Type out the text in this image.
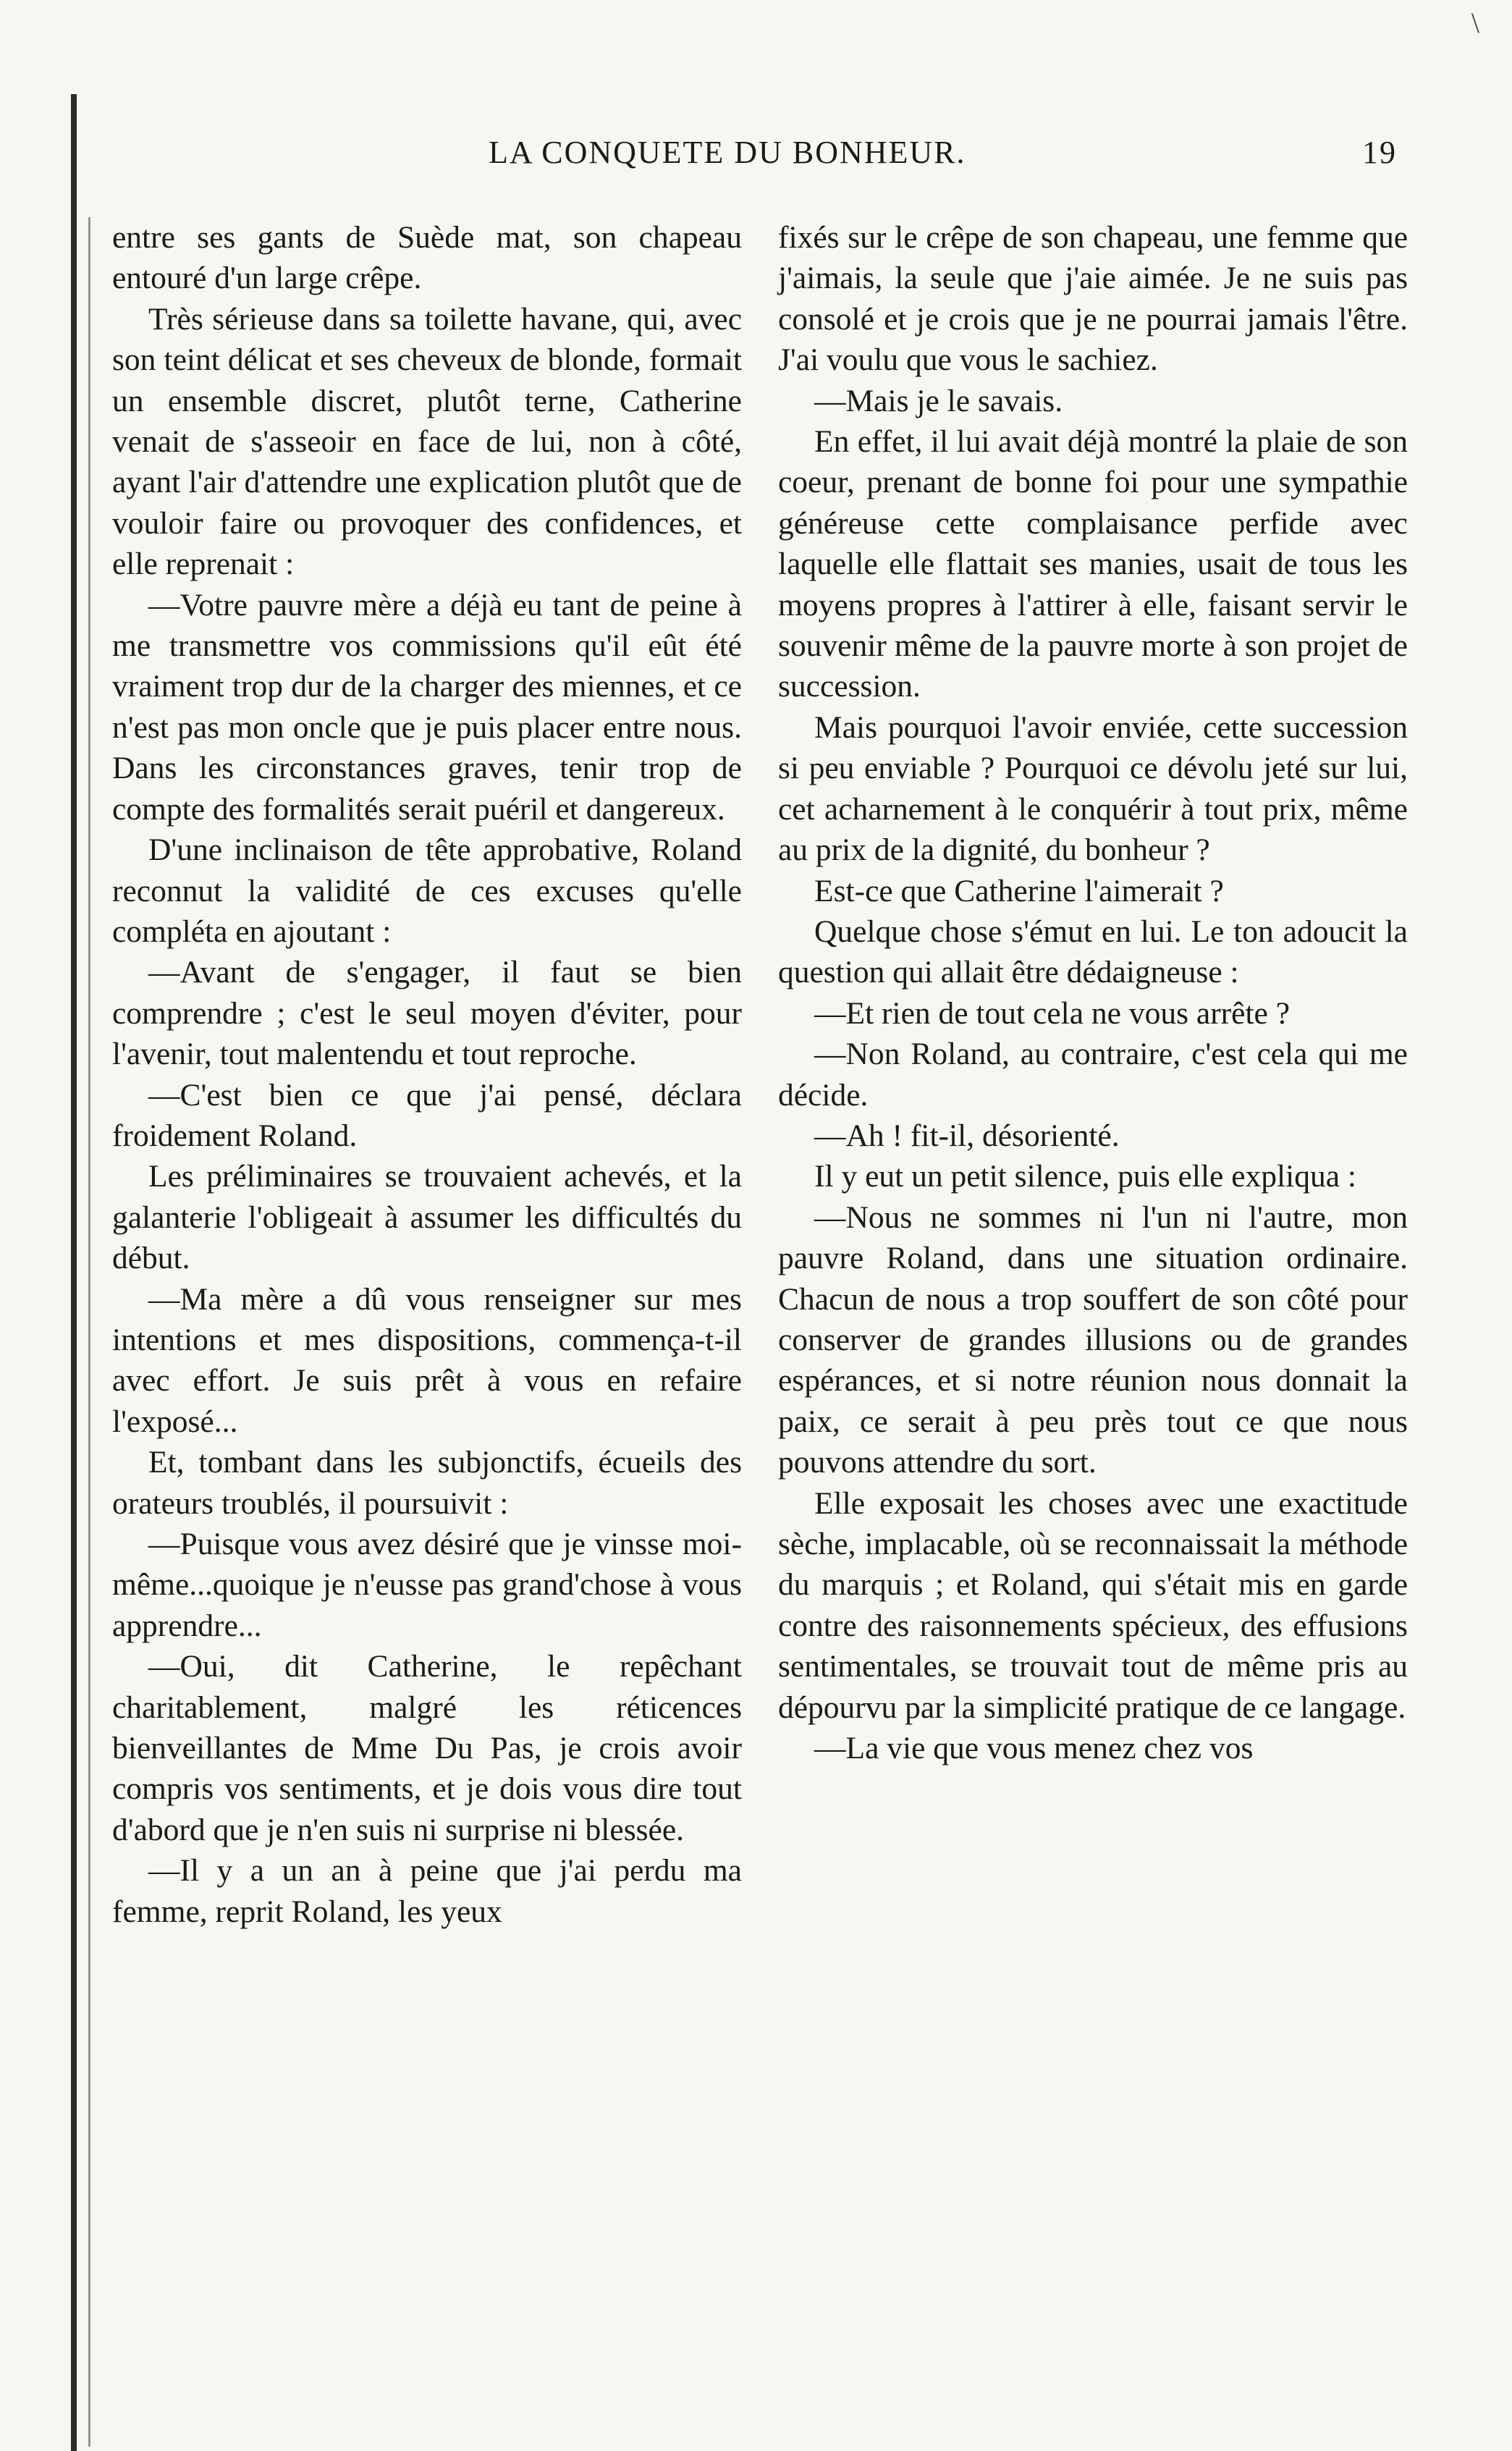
\
LA CONQUETE DU BONHEUR.	19

entre ses gants de Suède mat, son chapeau entouré d'un large crêpe.

Très sérieuse dans sa toilette havane, qui, avec son teint délicat et ses cheveux de blonde, formait un ensemble discret, plutôt terne, Catherine venait de s'asseoir en face de lui, non à côté, ayant l'air d'attendre une explication plutôt que de vouloir faire ou provoquer des confidences, et elle reprenait :

—Votre pauvre mère a déjà eu tant de peine à me transmettre vos commissions qu'il eût été vraiment trop dur de la charger des miennes, et ce n'est pas mon oncle que je puis placer entre nous. Dans les circonstances graves, tenir trop de compte des formalités serait puéril et dangereux.

D'une inclinaison de tête approbative, Roland reconnut la validité de ces excuses qu'elle compléta en ajoutant :

—Avant de s'engager, il faut se bien comprendre ; c'est le seul moyen d'éviter, pour l'avenir, tout malentendu et tout reproche.

—C'est bien ce que j'ai pensé, déclara froidement Roland.

Les préliminaires se trouvaient achevés, et la galanterie l'obligeait à assumer les difficultés du début.

—Ma mère a dû vous renseigner sur mes intentions et mes dispositions, commença-t-il avec effort. Je suis prêt à vous en refaire l'exposé...

Et, tombant dans les subjonctifs, écueils des orateurs troublés, il poursuivit :

—Puisque vous avez désiré que je vinsse moi-même...quoique je n'eusse pas grand'chose à vous apprendre...

—Oui, dit Catherine, le repêchant charitablement, malgré les réticences bienveillantes de Mme Du Pas, je crois avoir compris vos sentiments, et je dois vous dire tout d'abord que je n'en suis ni surprise ni blessée.

—Il y a un an à peine que j'ai perdu ma femme, reprit Roland, les yeux

fixés sur le crêpe de son chapeau, une femme que j'aimais, la seule que j'aie aimée. Je ne suis pas consolé et je crois que je ne pourrai jamais l'être. J'ai voulu que vous le sachiez.

—Mais je le savais.

En effet, il lui avait déjà montré la plaie de son coeur, prenant de bonne foi pour une sympathie généreuse cette complaisance perfide avec laquelle elle flattait ses manies, usait de tous les moyens propres à l'attirer à elle, faisant servir le souvenir même de la pauvre morte à son projet de succession.

Mais pourquoi l'avoir enviée, cette succession si peu enviable ? Pourquoi ce dévolu jeté sur lui, cet acharnement à le conquérir à tout prix, même au prix de la dignité, du bonheur ?

Est-ce que Catherine l'aimerait ?

Quelque chose s'émut en lui. Le ton adoucit la question qui allait être dédaigneuse :

—Et rien de tout cela ne vous arrête ?

—Non Roland, au contraire, c'est cela qui me décide.

—Ah ! fit-il, désorienté.

Il y eut un petit silence, puis elle expliqua :

—Nous ne sommes ni l'un ni l'autre, mon pauvre Roland, dans une situation ordinaire. Chacun de nous a trop souffert de son côté pour conserver de grandes illusions ou de grandes espérances, et si notre réunion nous donnait la paix, ce serait à peu près tout ce que nous pouvons attendre du sort.

Elle exposait les choses avec une exactitude sèche, implacable, où se reconnaissait la méthode du marquis ; et Roland, qui s'était mis en garde contre des raisonnements spécieux, des effusions sentimentales, se trouvait tout de même pris au dépourvu par la simplicité pratique de ce langage.

—La vie que vous menez chez vos
